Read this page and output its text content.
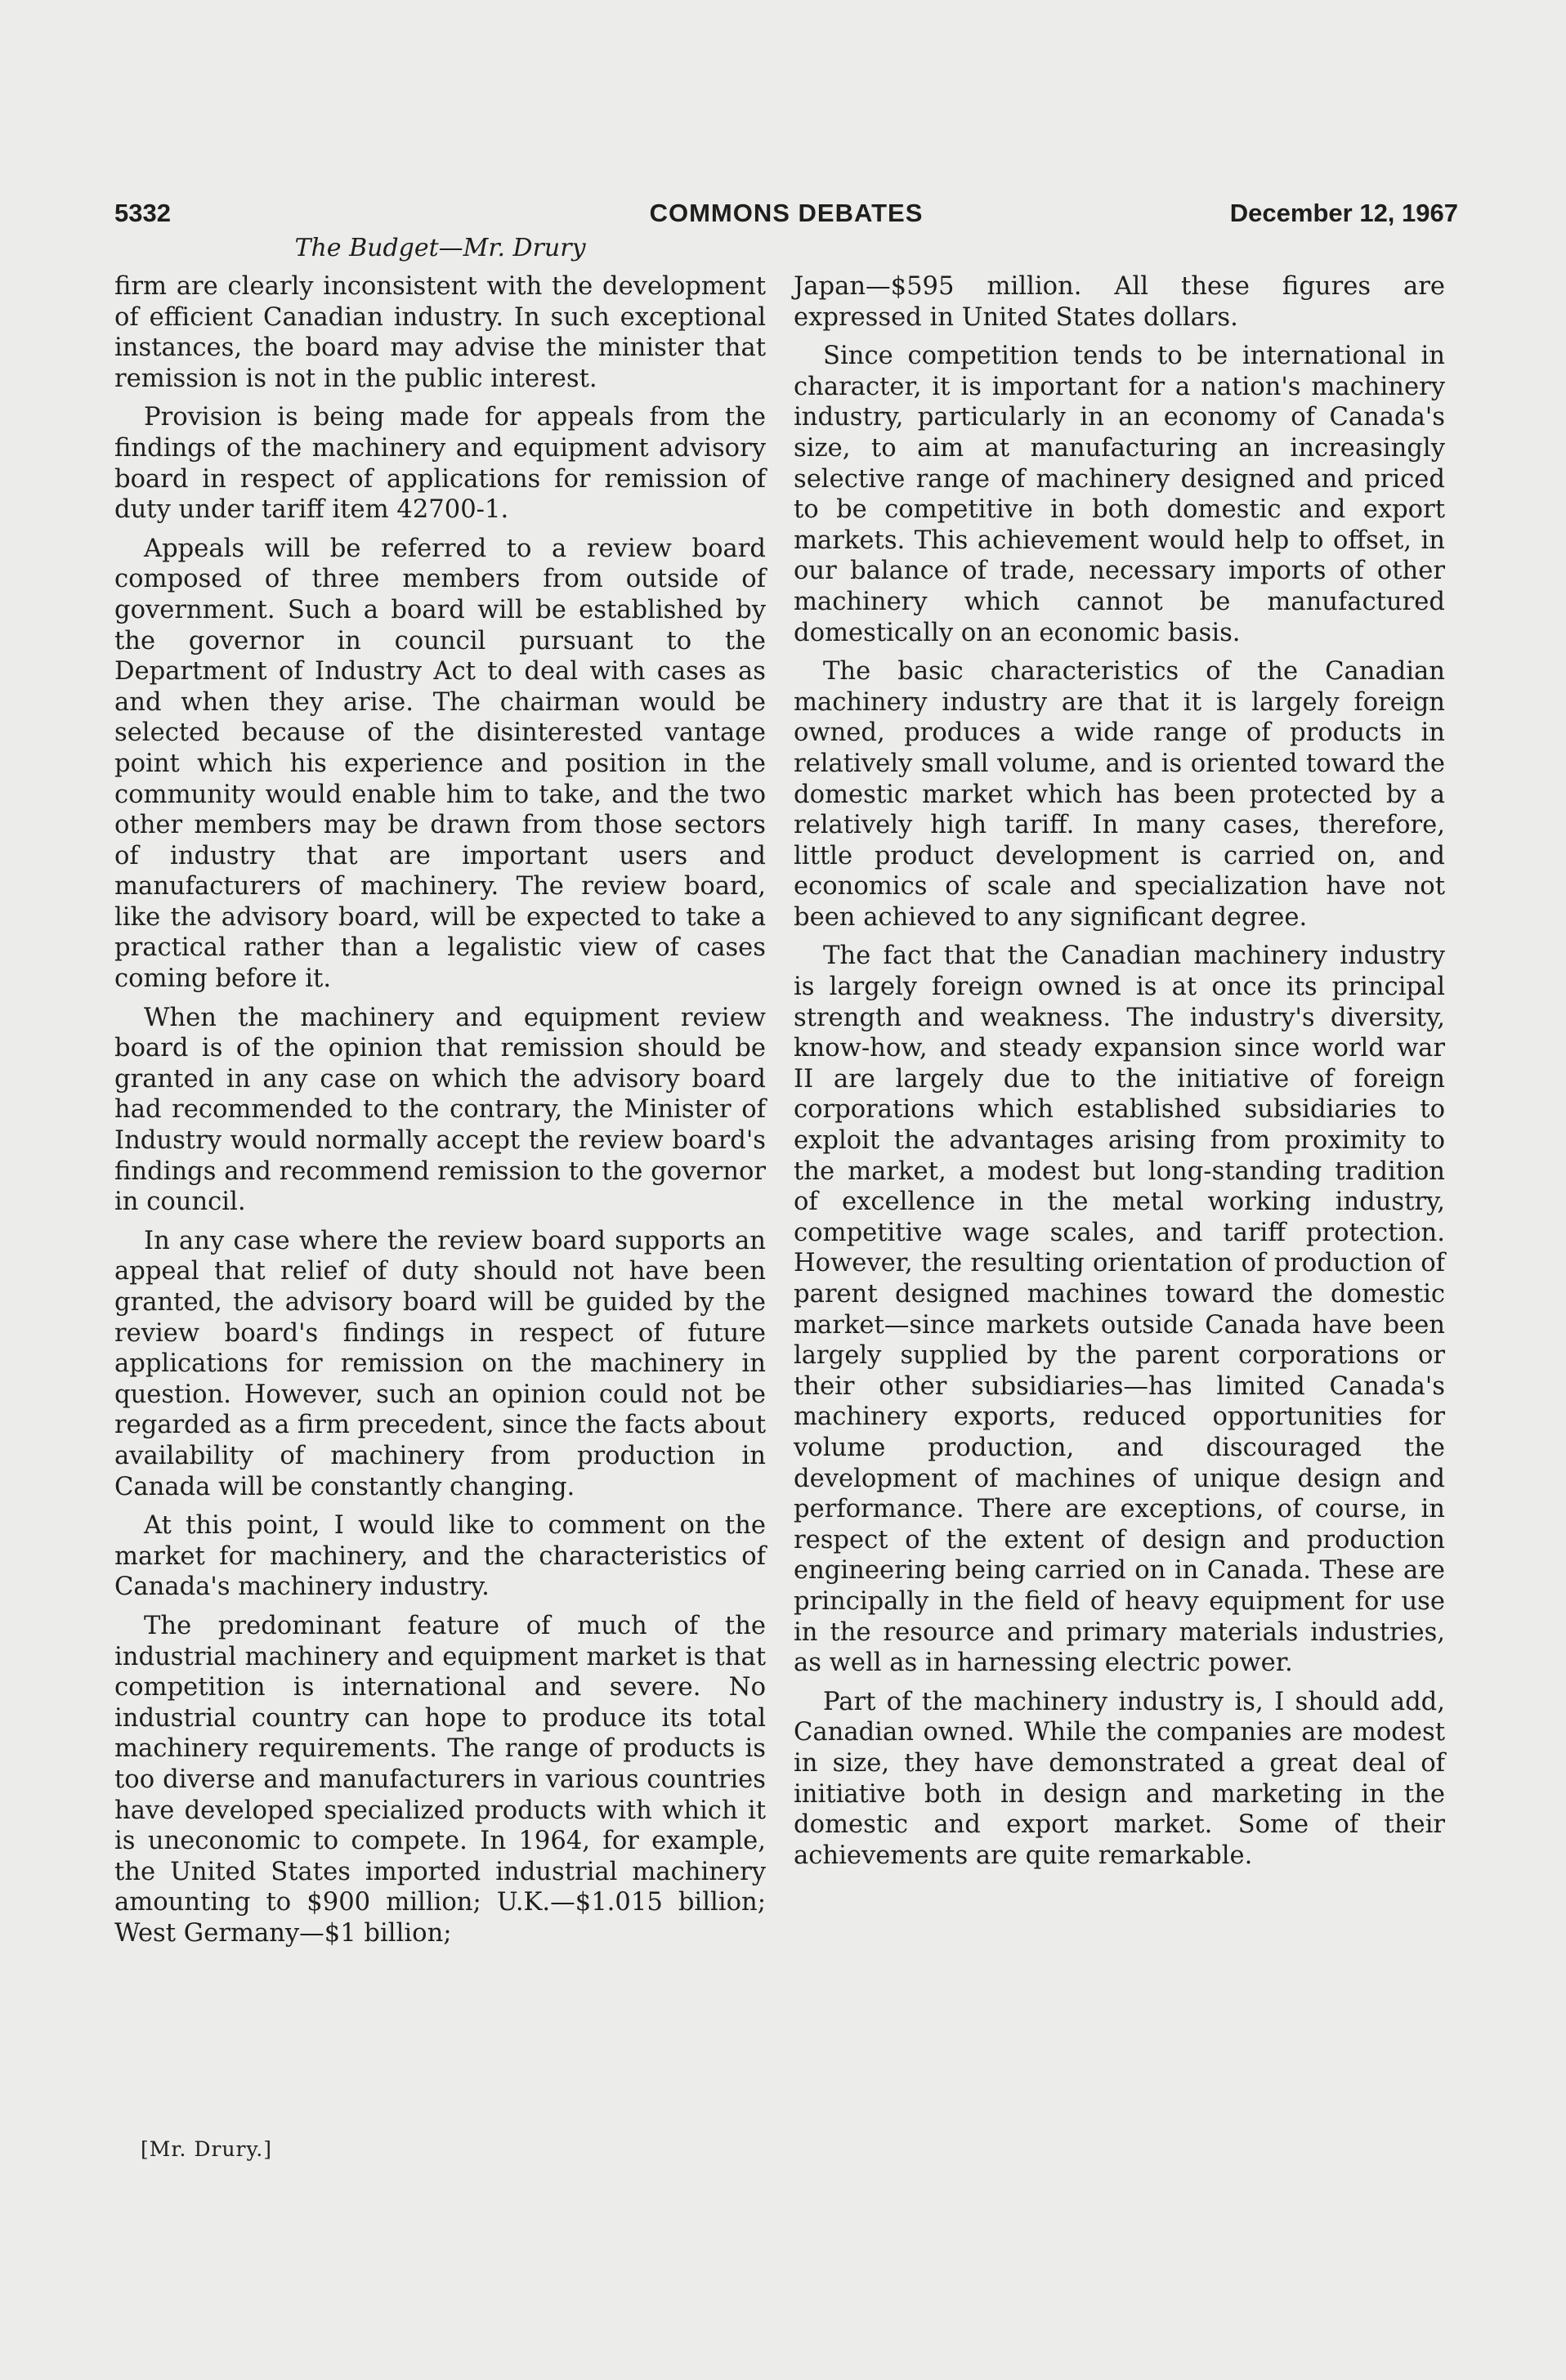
5332	COMMONS DEBATES	December 12, 1967
The Budget—Mr. Drury

firm are clearly inconsistent with the development of efficient Canadian industry. In such exceptional instances, the board may advise the minister that remission is not in the public interest.

Provision is being made for appeals from the findings of the machinery and equipment advisory board in respect of applications for remission of duty under tariff item 42700-1.

Appeals will be referred to a review board composed of three members from outside of government. Such a board will be established by the governor in council pursuant to the Department of Industry Act to deal with cases as and when they arise. The chairman would be selected because of the disinterested vantage point which his experience and position in the community would enable him to take, and the two other members may be drawn from those sectors of industry that are important users and manufacturers of machinery. The review board, like the advisory board, will be expected to take a practical rather than a legalistic view of cases coming before it.

When the machinery and equipment review board is of the opinion that remission should be granted in any case on which the advisory board had recommended to the contrary, the Minister of Industry would normally accept the review board's findings and recommend remission to the governor in council.

In any case where the review board supports an appeal that relief of duty should not have been granted, the advisory board will be guided by the review board's findings in respect of future applications for remission on the machinery in question. However, such an opinion could not be regarded as a firm precedent, since the facts about availability of machinery from production in Canada will be constantly changing.

At this point, I would like to comment on the market for machinery, and the characteristics of Canada's machinery industry.

The predominant feature of much of the industrial machinery and equipment market is that competition is international and severe. No industrial country can hope to produce its total machinery requirements. The range of products is too diverse and manufacturers in various countries have developed specialized products with which it is uneconomic to compete. In 1964, for example, the United States imported industrial machinery amounting to $900 million; U.K.—$1.015 billion; West Germany—$1 billion;

Japan—$595 million. All these figures are expressed in United States dollars.

Since competition tends to be international in character, it is important for a nation's machinery industry, particularly in an economy of Canada's size, to aim at manufacturing an increasingly selective range of machinery designed and priced to be competitive in both domestic and export markets. This achievement would help to offset, in our balance of trade, necessary imports of other machinery which cannot be manufactured domestically on an economic basis.

The basic characteristics of the Canadian machinery industry are that it is largely foreign owned, produces a wide range of products in relatively small volume, and is oriented toward the domestic market which has been protected by a relatively high tariff. In many cases, therefore, little product development is carried on, and economics of scale and specialization have not been achieved to any significant degree.

The fact that the Canadian machinery industry is largely foreign owned is at once its principal strength and weakness. The industry's diversity, know-how, and steady expansion since world war II are largely due to the initiative of foreign corporations which established subsidiaries to exploit the advantages arising from proximity to the market, a modest but long-standing tradition of excellence in the metal working industry, competitive wage scales, and tariff protection. However, the resulting orientation of production of parent designed machines toward the domestic market—since markets outside Canada have been largely supplied by the parent corporations or their other subsidiaries—has limited Canada's machinery exports, reduced opportunities for volume production, and discouraged the development of machines of unique design and performance. There are exceptions, of course, in respect of the extent of design and production engineering being carried on in Canada. These are principally in the field of heavy equipment for use in the resource and primary materials industries, as well as in harnessing electric power.

Part of the machinery industry is, I should add, Canadian owned. While the companies are modest in size, they have demonstrated a great deal of initiative both in design and marketing in the domestic and export market. Some of their achievements are quite remarkable.

[Mr. Drury.]
